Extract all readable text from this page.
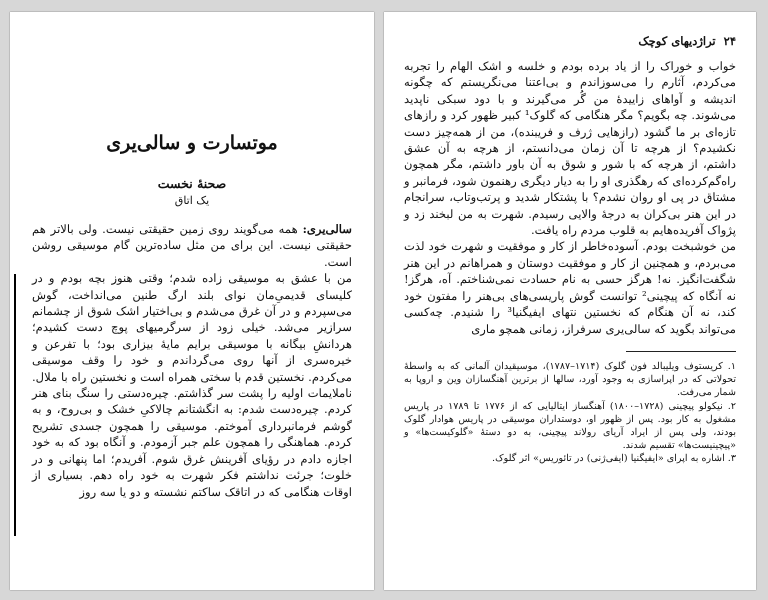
موتسارت و سالی‌یری
صحنهٔ نخست
یک اتاق

سالی‌یری: همه می‌گویند روی زمین حقیقتی نیست. ولی بالاتر هم حقیقتی نیست. این برای من مثل ساده‌ترین گام موسیقی روشن است.

من با عشق به موسیقی زاده شدم؛ وقتی هنوز بچه بودم و در کلیسای قدیمیِ‌مان نوای بلند ارگ طنین می‌انداخت، گوش می‌سپردم و در آن غرق می‌شدم و بی‌اختیار اشک شوق از چشمانم سرازیر می‌شد. خیلی زود از سرگرمیهای پوچ دست کشیدم؛ هردانشِ بیگانه با موسیقی برایم مایهٔ بیزاری بود؛ با تفرعن و خیره‌سری از آنها روی می‌گرداندم و خود را وقف موسیقی می‌کردم. نخستین قدم با سختی همراه است و نخستین راه با ملال. ناملایمات اولیه را پشت سر گذاشتم. چیره‌دستی را سنگ بنای هنر کردم. چیره‌دست شدم: به انگشتانم چالاکیِ خشک و بی‌روح، و به گوشم فرمانبرداری آموختم. موسیقی را همچون جسدی تشریح کردم. هماهنگی را همچون علم جبر آزمودم. و آنگاه بود که به خود اجازه دادم در رؤیای آفرینش غرق شوم. آفریدم؛ اما پنهانی و در خلوت؛ جرئت نداشتم فکر شهرت به خود راه دهم. بسیاری از اوقات هنگامی که در اتاقک ساکتم نشسته و دو یا سه روز

۲۴
تراژدیهای کوچک

خواب و خوراک را از یاد برده بودم و خلسه و اشک الهام را تجربه می‌کردم، آثارم را می‌سوزاندم و بی‌اعتنا می‌نگریستم که چگونه اندیشه و آواهای زاییدهٔ من گُر می‌گیرند و با دود سبکی ناپدید می‌شوند. چه بگویم؟ مگر هنگامی که گلوک¹ کبیر ظهور کرد و رازهای تازه‌ای بر ما گشود (رازهایی ژرف و فریبنده)، من از همه‌چیز دست نکشیدم؟ از هرچه تا آن زمان می‌دانستم، از هرچه به آن عشق داشتم، از هرچه که با شور و شوق به آن باور داشتم، مگر همچون راه‌گم‌کرده‌ای که رهگذری او را به دیار دیگری رهنمون شود، فرمانبر و مشتاق در پی او روان نشدم؟ با پشتکار شدید و پرتب‌وتاب، سرانجام در این هنر بی‌کران به درجهٔ والایی رسیدم. شهرت به من لبخند زد و پژواک آفریده‌هایم به قلوب مردم راه یافت.

من خوشبخت بودم. آسوده‌خاطر از کار و موفقیت و شهرت خود لذت می‌بردم، و همچنین از کار و موفقیت دوستان و همراهانم در این هنر شگفت‌انگیز. نه! هرگز حسی به نام حسادت نمی‌شناختم. آه، هرگز! نه آنگاه که پیچینی² توانست گوش پاریسی‌های بی‌هنر را مفتون خود کند، نه آن هنگام که نخستین نتهای ایفیگنیا³ را شنیدم. چه‌کسی می‌تواند بگوید که سالی‌یری سرفراز، زمانی همچو ماری

۱. کریستوف ویلیبالد فون گلوک (۱۷۱۴–۱۷۸۷)، موسیقیدان آلمانی که به واسطهٔ تحولاتی که در اپراسازی به وجود آورد، سالها از برترین آهنگسازان وین و اروپا به شمار می‌رفت.

۲. نیکولو پیچینی (۱۷۲۸–۱۸۰۰) آهنگساز ایتالیایی که از ۱۷۷۶ تا ۱۷۸۹ در پاریس مشغول به کار بود. پس از ظهور او، دوستداران موسیقی در پاریس هوادار گلوک بودند، ولی پس از ایراد آریای رولاند پیچینی، به دو دستهٔ «گلوکیست‌ها» و «پیچینیست‌ها» تقسیم شدند.

۳. اشاره به اپرای «ایفیگنیا (ایفی‌ژنی) در تائوریس» اثر گلوک.
